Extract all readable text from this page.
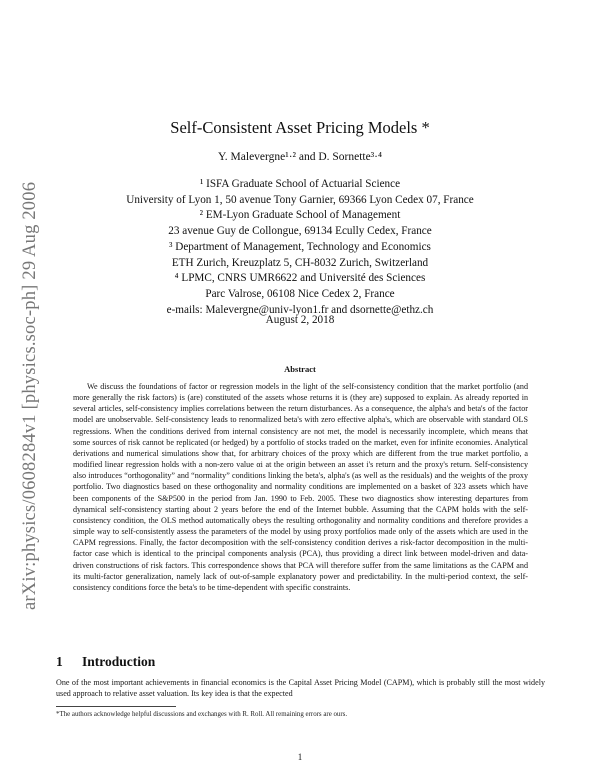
arXiv:physics/0608284v1 [physics.soc-ph] 29 Aug 2006
Self-Consistent Asset Pricing Models *
Y. Malevergne¹·² and D. Sornette³·⁴
¹ ISFA Graduate School of Actuarial Science
University of Lyon 1, 50 avenue Tony Garnier, 69366 Lyon Cedex 07, France
² EM-Lyon Graduate School of Management
23 avenue Guy de Collongue, 69134 Ecully Cedex, France
³ Department of Management, Technology and Economics
ETH Zurich, Kreuzplatz 5, CH-8032 Zurich, Switzerland
⁴ LPMC, CNRS UMR6622 and Université des Sciences
Parc Valrose, 06108 Nice Cedex 2, France
e-mails: Malevergne@univ-lyon1.fr and dsornette@ethz.ch
August 2, 2018
Abstract
We discuss the foundations of factor or regression models in the light of the self-consistency condition that the market portfolio (and more generally the risk factors) is (are) constituted of the assets whose returns it is (they are) supposed to explain. As already reported in several articles, self-consistency implies correlations between the return disturbances. As a consequence, the alpha's and beta's of the factor model are unobservable. Self-consistency leads to renormalized beta's with zero effective alpha's, which are observable with standard OLS regressions. When the conditions derived from internal consistency are not met, the model is necessarily incomplete, which means that some sources of risk cannot be replicated (or hedged) by a portfolio of stocks traded on the market, even for infinite economies. Analytical derivations and numerical simulations show that, for arbitrary choices of the proxy which are different from the true market portfolio, a modified linear regression holds with a non-zero value αi at the origin between an asset i's return and the proxy's return. Self-consistency also introduces “orthogonality” and “normality” conditions linking the beta's, alpha's (as well as the residuals) and the weights of the proxy portfolio. Two diagnostics based on these orthogonality and normality conditions are implemented on a basket of 323 assets which have been components of the S&P500 in the period from Jan. 1990 to Feb. 2005. These two diagnostics show interesting departures from dynamical self-consistency starting about 2 years before the end of the Internet bubble. Assuming that the CAPM holds with the self-consistency condition, the OLS method automatically obeys the resulting orthogonality and normality conditions and therefore provides a simple way to self-consistently assess the parameters of the model by using proxy portfolios made only of the assets which are used in the CAPM regressions. Finally, the factor decomposition with the self-consistency condition derives a risk-factor decomposition in the multi-factor case which is identical to the principal components analysis (PCA), thus providing a direct link between model-driven and data-driven constructions of risk factors. This correspondence shows that PCA will therefore suffer from the same limitations as the CAPM and its multi-factor generalization, namely lack of out-of-sample explanatory power and predictability. In the multi-period context, the self-consistency conditions force the beta's to be time-dependent with specific constraints.
1 Introduction
One of the most important achievements in financial economics is the Capital Asset Pricing Model (CAPM), which is probably still the most widely used approach to relative asset valuation. Its key idea is that the expected
*The authors acknowledge helpful discussions and exchanges with R. Roll. All remaining errors are ours.
1
